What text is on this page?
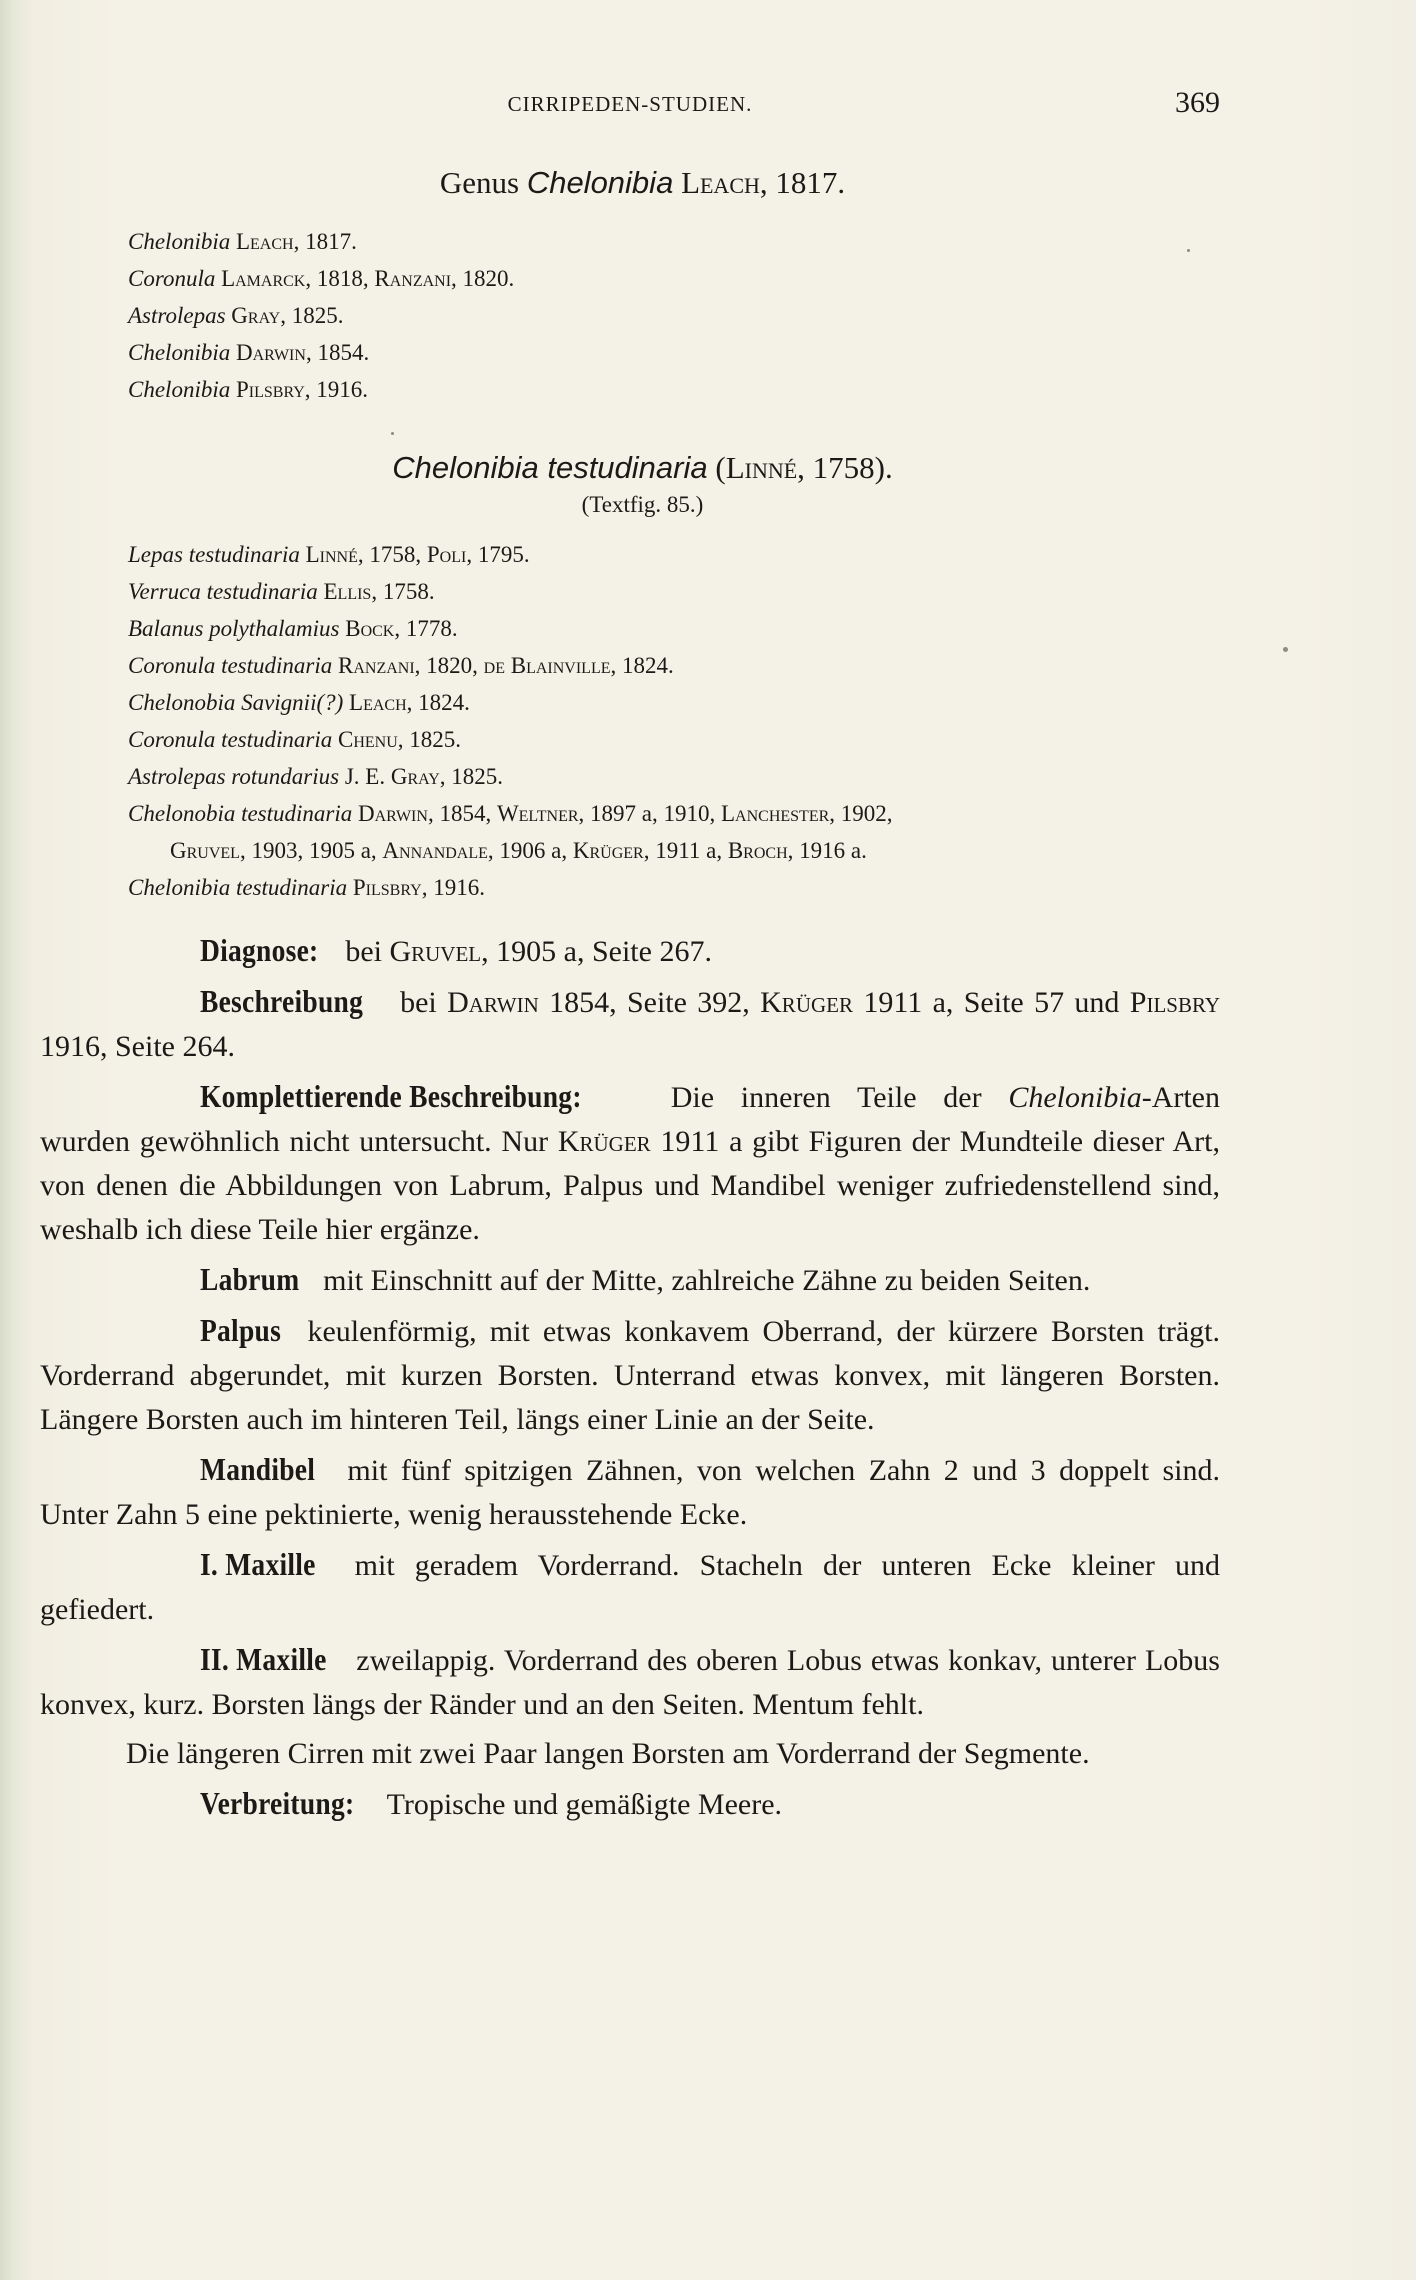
CIRRIPEDEN-STUDIEN.	369
Genus Chelonibia Leach, 1817.
Chelonibia Leach, 1817.
Coronula Lamarck, 1818, Ranzani, 1820.
Astrolepas Gray, 1825.
Chelonibia Darwin, 1854.
Chelonibia Pilsbry, 1916.
Chelonibia testudinaria (Linné, 1758).
(Textfig. 85.)
Lepas testudinaria Linné, 1758, Poli, 1795.
Verruca testudinaria Ellis, 1758.
Balanus polythalamius Bock, 1778.
Coronula testudinaria Ranzani, 1820, de Blainville, 1824.
Chelonobia Savignii(?) Leach, 1824.
Coronula testudinaria Chenu, 1825.
Astrolepas rotundarius J. E. Gray, 1825.
Chelonobia testudinaria Darwin, 1854, Weltner, 1897 a, 1910, Lanchester, 1902,
Gruvel, 1903, 1905 a, Annandale, 1906 a, Krüger, 1911 a, Broch, 1916 a.
Chelonibia testudinaria Pilsbry, 1916.

Diagnose: bei Gruvel, 1905 a, Seite 267.

Beschreibung bei Darwin 1854, Seite 392, Krüger 1911 a, Seite 57 und Pilsbry 1916, Seite 264.

Komplettierende Beschreibung: Die inneren Teile der Chelonibia-Arten wurden gewöhnlich nicht untersucht. Nur Krüger 1911 a gibt Figuren der Mundteile dieser Art, von denen die Abbildungen von Labrum, Palpus und Mandibel weniger zufriedenstellend sind, weshalb ich diese Teile hier ergänze.

Labrum mit Einschnitt auf der Mitte, zahlreiche Zähne zu beiden Seiten.

Palpus keulenförmig, mit etwas konkavem Oberrand, der kürzere Borsten trägt. Vorderrand abgerundet, mit kurzen Borsten. Unterrand etwas konvex, mit längeren Borsten. Längere Borsten auch im hinteren Teil, längs einer Linie an der Seite.

Mandibel mit fünf spitzigen Zähnen, von welchen Zahn 2 und 3 doppelt sind. Unter Zahn 5 eine pektinierte, wenig herausstehende Ecke.

I. Maxille mit geradem Vorderrand. Stacheln der unteren Ecke kleiner und gefiedert.

II. Maxille zweilappig. Vorderrand des oberen Lobus etwas konkav, unterer Lobus konvex, kurz. Borsten längs der Ränder und an den Seiten. Mentum fehlt.

Die längeren Cirren mit zwei Paar langen Borsten am Vorderrand der Segmente.

Verbreitung: Tropische und gemäßigte Meere.
